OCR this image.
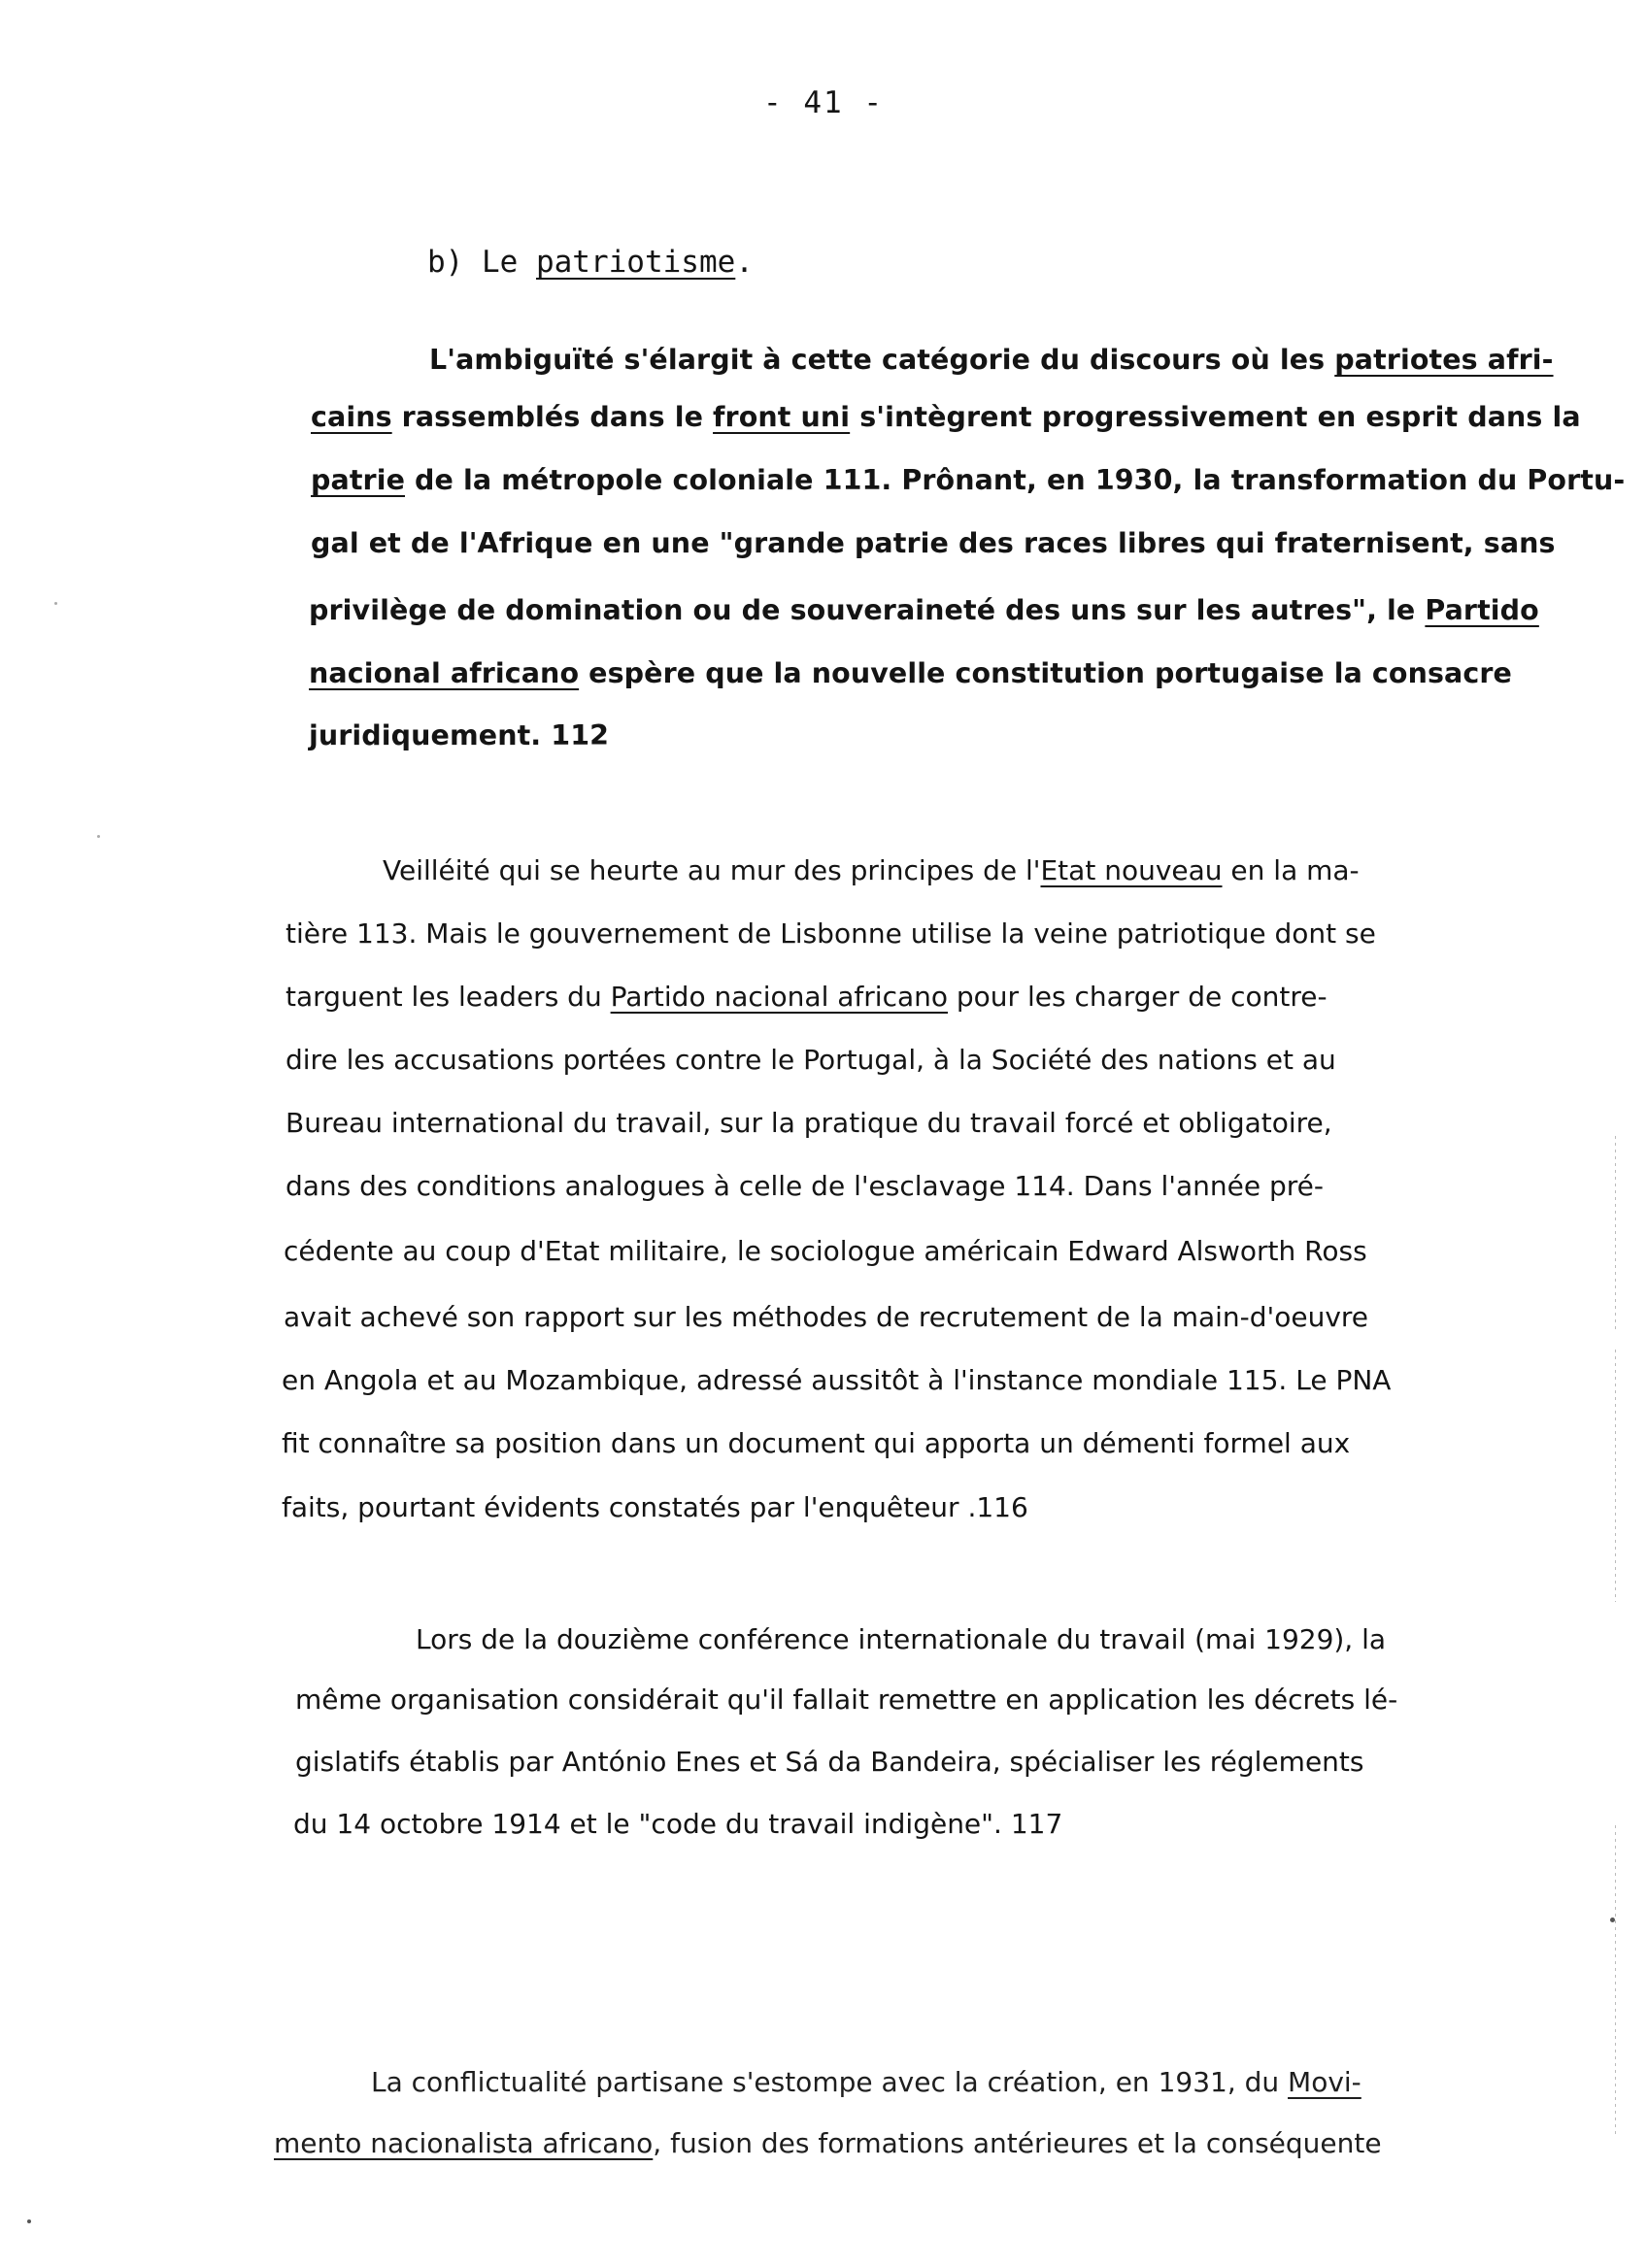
- 41 -
b) Le patriotisme.
L'ambiguïté s'élargit à cette catégorie du discours où les patriotes afri-
cains rassemblés dans le front uni s'intègrent progressivement en esprit dans la
patrie de la métropole coloniale 111. Prônant, en 1930, la transformation du Portu-
gal et de l'Afrique en une "grande patrie des races libres qui fraternisent, sans
privilège de domination ou de souveraineté des uns sur les autres", le Partido
nacional africano espère que la nouvelle constitution portugaise la consacre
juridiquement. 112
Veilléité qui se heurte au mur des principes de l'Etat nouveau en la ma-
tière 113. Mais le gouvernement de Lisbonne utilise la veine patriotique dont se
targuent les leaders du Partido nacional africano pour les charger de contre-
dire les accusations portées contre le Portugal, à la Société des nations et au
Bureau international du travail, sur la pratique du travail forcé et obligatoire,
dans des conditions analogues à celle de l'esclavage 114. Dans l'année pré-
cédente au coup d'Etat militaire, le sociologue américain Edward Alsworth Ross
avait achevé son rapport sur les méthodes de recrutement de la main-d'oeuvre
en Angola et au Mozambique, adressé aussitôt à l'instance mondiale 115. Le PNA
fit connaître sa position dans un document qui apporta un démenti formel aux
faits, pourtant évidents constatés par l'enquêteur .116
Lors de la douzième conférence internationale du travail (mai 1929), la
même organisation considérait qu'il fallait remettre en application les décrets lé-
gislatifs établis par António Enes et Sá da Bandeira, spécialiser les réglements
du 14 octobre 1914 et le "code du travail indigène". 117
La conflictualité partisane s'estompe avec la création, en 1931, du Movi-
mento nacionalista africano, fusion des formations antérieures et la conséquente
